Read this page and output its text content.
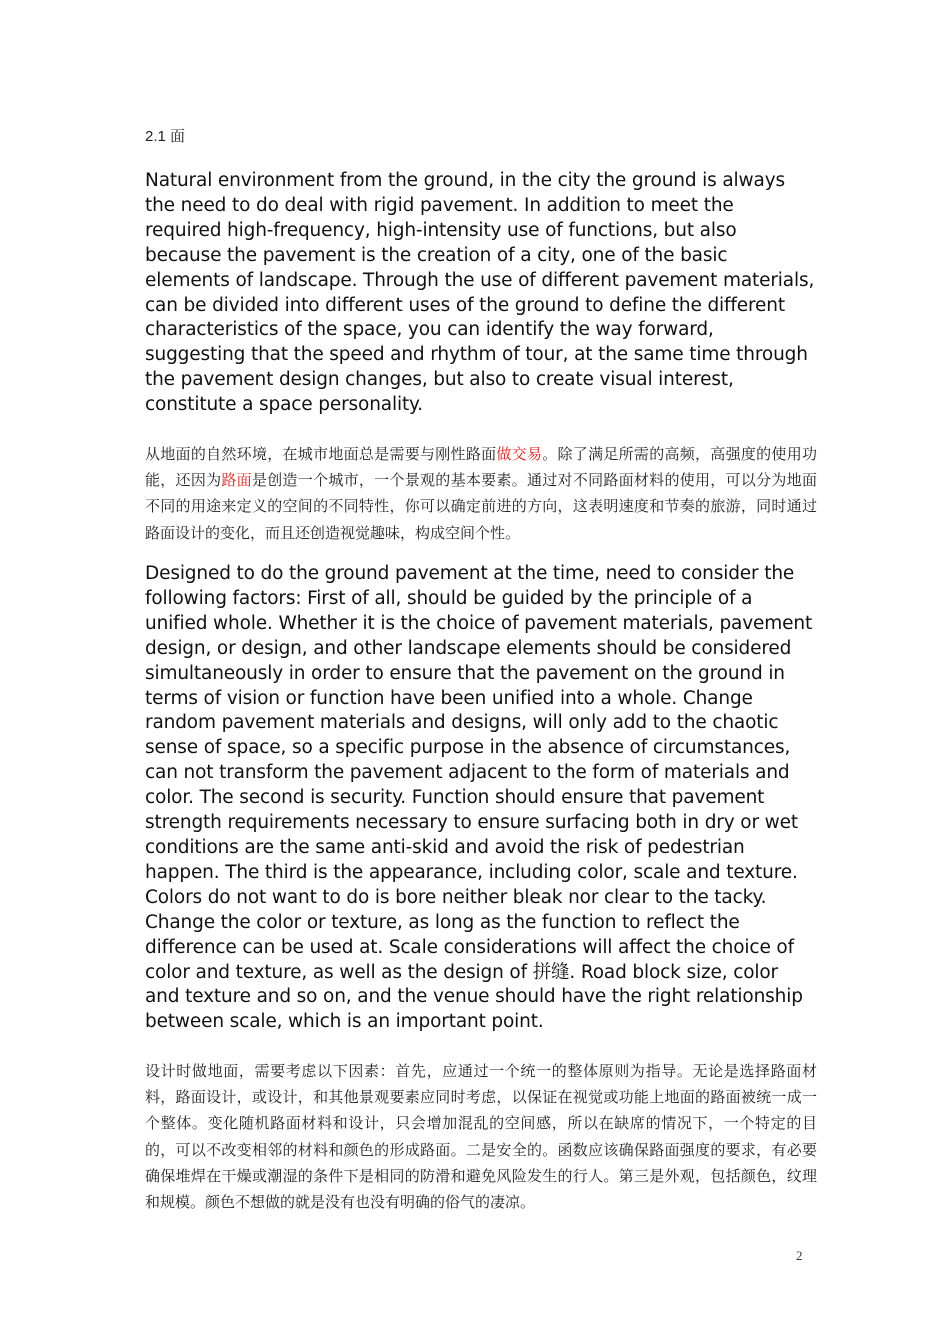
2.1 面
Natural environment from the ground, in the city the ground is always the need to do deal with rigid pavement. In addition to meet the required high-frequency, high-intensity use of functions, but also because the pavement is the creation of a city, one of the basic elements of landscape. Through the use of different pavement materials, can be divided into different uses of the ground to define the different characteristics of the space, you can identify the way forward, suggesting that the speed and rhythm of tour, at the same time through the pavement design changes, but also to create visual interest, constitute a space personality.
从地面的自然环境，在城市地面总是需要与刚性路面做交易。除了满足所需的高频，高强度的使用功能，还因为路面是创造一个城市，一个景观的基本要素。通过对不同路面材料的使用，可以分为地面不同的用途来定义的空间的不同特性，你可以确定前进的方向，这表明速度和节奏的旅游，同时通过路面设计的变化，而且还创造视觉趣味，构成空间个性。
Designed to do the ground pavement at the time, need to consider the following factors: First of all, should be guided by the principle of a unified whole. Whether it is the choice of pavement materials, pavement design, or design, and other landscape elements should be considered simultaneously in order to ensure that the pavement on the ground in terms of vision or function have been unified into a whole. Change random pavement materials and designs, will only add to the chaotic sense of space, so a specific purpose in the absence of circumstances, can not transform the pavement adjacent to the form of materials and color. The second is security. Function should ensure that pavement strength requirements necessary to ensure surfacing both in dry or wet conditions are the same anti-skid and avoid the risk of pedestrian happen. The third is the appearance, including color, scale and texture. Colors do not want to do is bore neither bleak nor clear to the tacky. Change the color or texture, as long as the function to reflect the difference can be used at. Scale considerations will affect the choice of color and texture, as well as the design of 拼缝. Road block size, color and texture and so on, and the venue should have the right relationship between scale, which is an important point.
设计时做地面，需要考虑以下因素：首先，应通过一个统一的整体原则为指导。无论是选择路面材料，路面设计，或设计，和其他景观要素应同时考虑，以保证在视觉或功能上地面的路面被统一成一个整体。变化随机路面材料和设计，只会增加混乱的空间感，所以在缺席的情况下，一个特定的目的，可以不改变相邻的材料和颜色的形成路面。二是安全的。函数应该确保路面强度的要求，有必要确保堆焊在干燥或潮湿的条件下是相同的防滑和避免风险发生的行人。第三是外观，包括颜色，纹理和规模。颜色不想做的就是没有也没有明确的俗气的凄凉。
2
